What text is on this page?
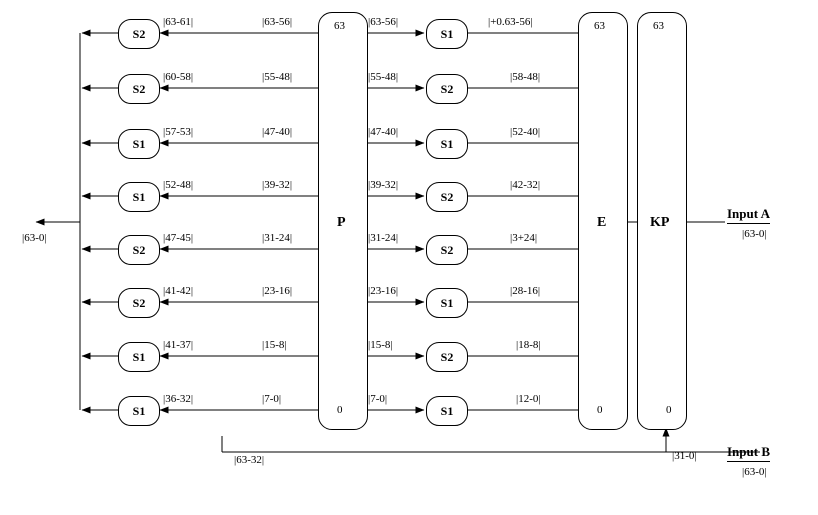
P	E	KP
63
0
63
0
63
0
S2
S2
S1
S1
S2
S2
S1
S1
S1
S2
S1
S2
S2
S1
S2
S1
|63-61|
|60-58|
|57-53|
|52-48|
|47-45|
|41-42|
|41-37|
|36-32|
|63-56|
|55-48|
|47-40|
|39-32|
|31-24|
|23-16|
|15-8|
|7-0|
|63-56|
|55-48|
|47-40|
|39-32|
|31-24|
|23-16|
|15-8|
|7-0|
|+0.63-56|
|58-48|
|52-40|
|42-32|
|3+24|
|28-16|
|18-8|
|12-0|
|63-0|
|63-32|	|31-0|
Input A
|63-0|
Input B
|63-0|
